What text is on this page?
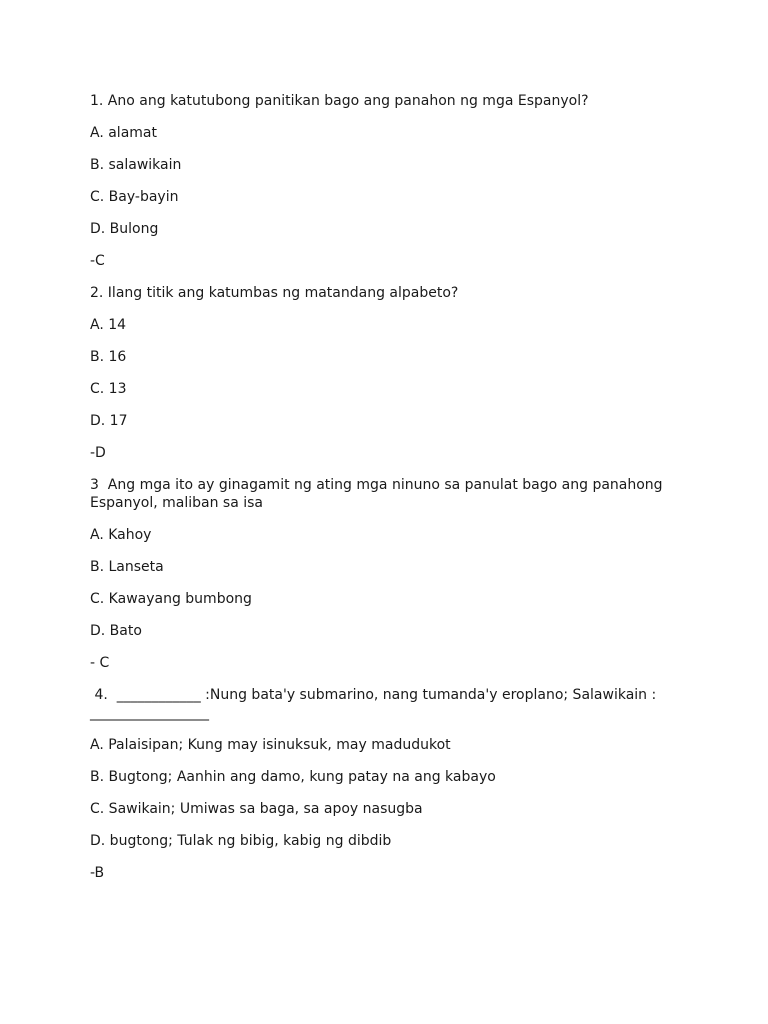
1. Ano ang katutubong panitikan bago ang panahon ng mga Espanyol?

A. alamat

B. salawikain

C. Bay-bayin

D. Bulong

-C

2. Ilang titik ang katumbas ng matandang alpabeto?

A. 14

B. 16

C. 13

D. 17

-D

3  Ang mga ito ay ginagamit ng ating mga ninuno sa panulat bago ang panahong Espanyol, maliban sa isa

A. Kahoy

B. Lanseta

C. Kawayang bumbong

D. Bato

- C

4.  ____________ :Nung bata'y submarino, nang tumanda'y eroplano; Salawikain : _________________

A. Palaisipan; Kung may isinuksuk, may madudukot

B. Bugtong; Aanhin ang damo, kung patay na ang kabayo

C. Sawikain; Umiwas sa baga, sa apoy nasugba

D. bugtong; Tulak ng bibig, kabig ng dibdib

-B
